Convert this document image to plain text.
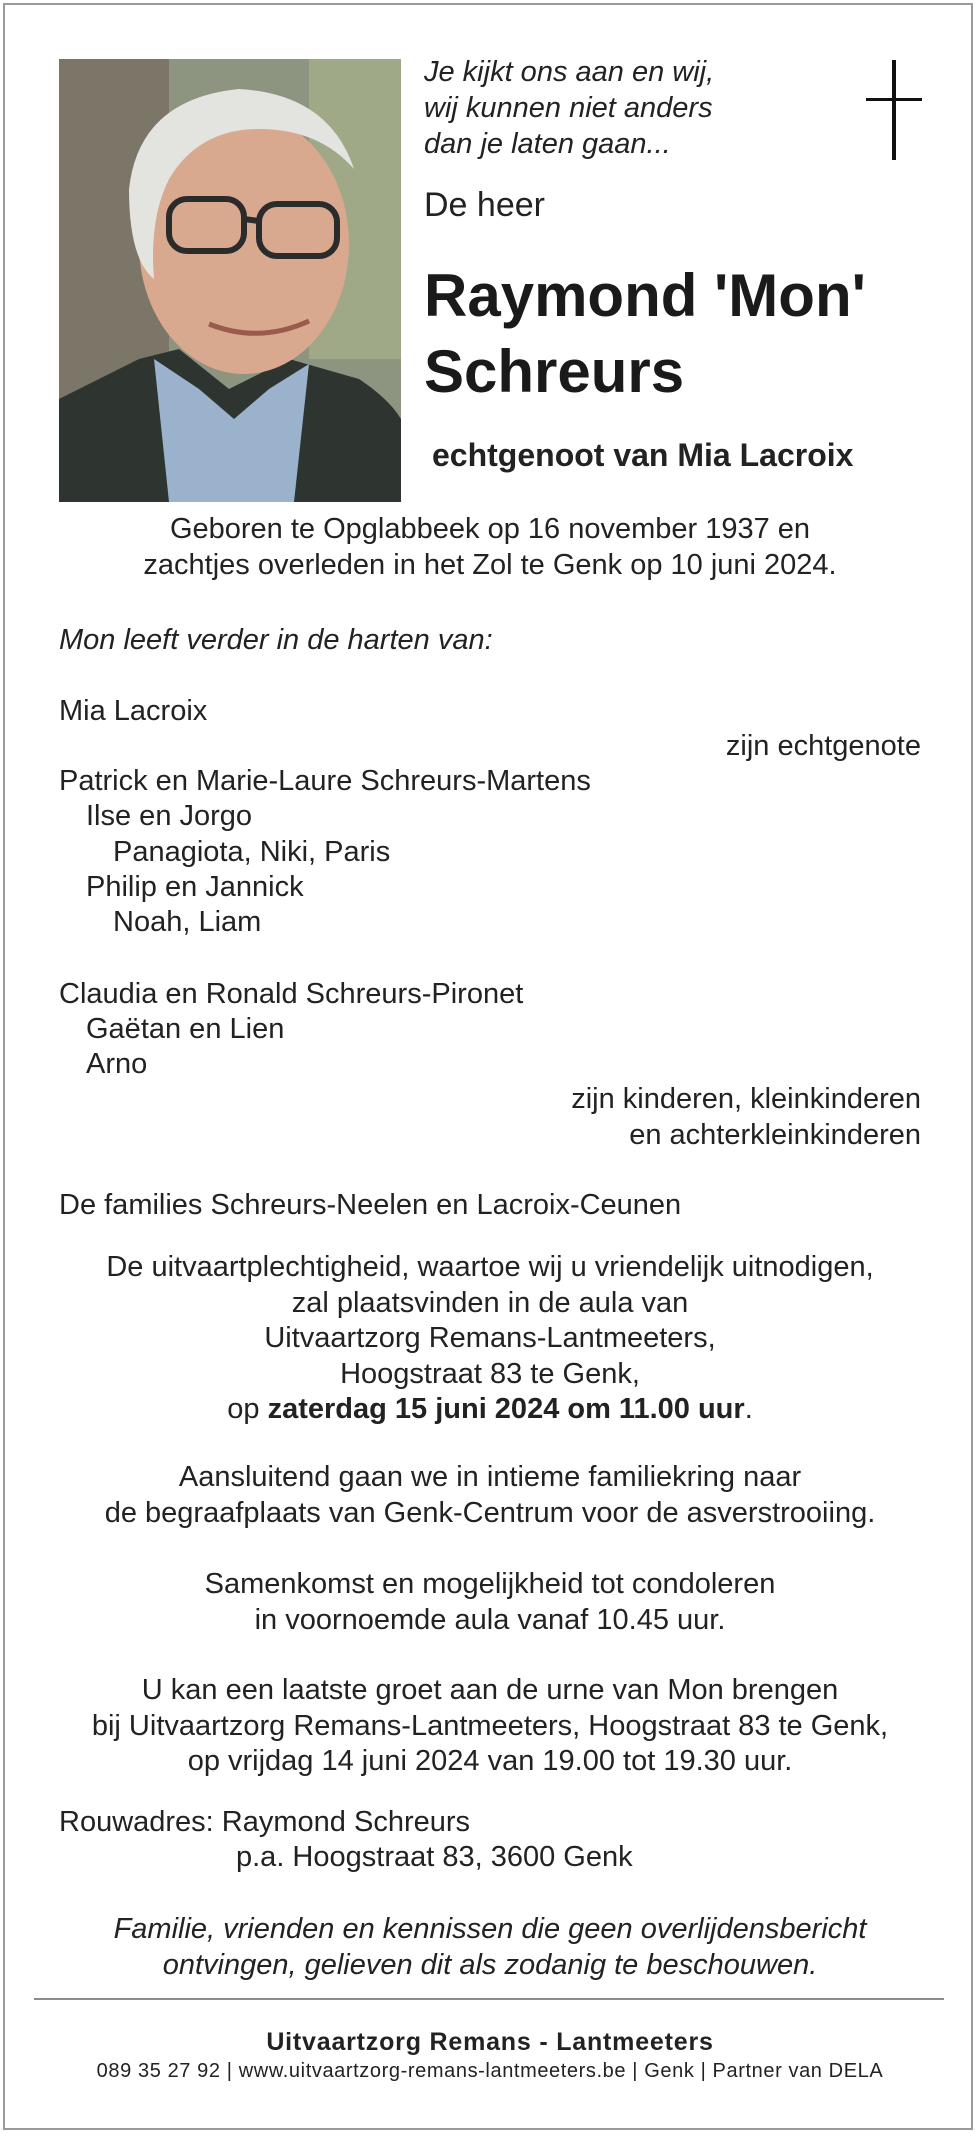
Je kijkt ons aan en wij,
wij kunnen niet anders
dan je laten gaan...
De heer
Raymond 'Mon'
Schreurs
echtgenoot van Mia Lacroix
Geboren te Opglabbeek op 16 november 1937 en
zachtjes overleden in het Zol te Genk op 10 juni 2024.
Mon leeft verder in de harten van:
Mia Lacroix
zijn echtgenote
Patrick en Marie-Laure Schreurs-Martens
Ilse en Jorgo
Panagiota, Niki, Paris
Philip en Jannick
Noah, Liam
Claudia en Ronald Schreurs-Pironet
Gaëtan en Lien
Arno
zijn kinderen, kleinkinderen
en achterkleinkinderen
De families Schreurs-Neelen en Lacroix-Ceunen
De uitvaartplechtigheid, waartoe wij u vriendelijk uitnodigen,
zal plaatsvinden in de aula van
Uitvaartzorg Remans-Lantmeeters,
Hoogstraat 83 te Genk,
op zaterdag 15 juni 2024 om 11.00 uur.
Aansluitend gaan we in intieme familiekring naar
de begraafplaats van Genk-Centrum voor de asverstrooiing.
Samenkomst en mogelijkheid tot condoleren
in voornoemde aula vanaf 10.45 uur.
U kan een laatste groet aan de urne van Mon brengen
bij Uitvaartzorg Remans-Lantmeeters, Hoogstraat 83 te Genk,
op vrijdag 14 juni 2024 van 19.00 tot 19.30 uur.
Rouwadres: Raymond Schreurs
p.a. Hoogstraat 83, 3600 Genk
Familie, vrienden en kennissen die geen overlijdensbericht
ontvingen, gelieven dit als zodanig te beschouwen.
Uitvaartzorg Remans - Lantmeeters
089 35 27 92 | www.uitvaartzorg-remans-lantmeeters.be | Genk | Partner van DELA
